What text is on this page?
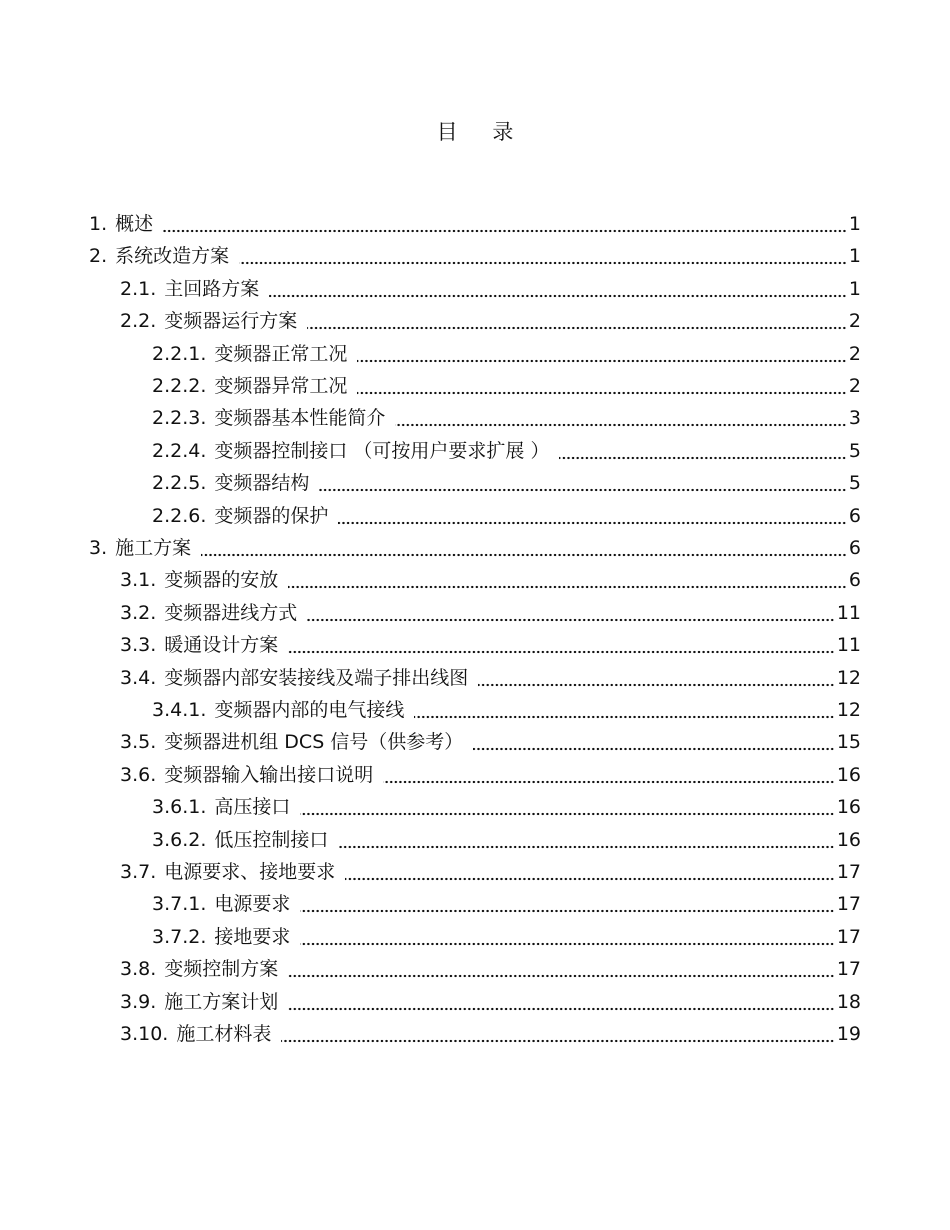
目 录
1. 概述	1
2. 系统改造方案	1
2.1. 主回路方案	1
2.2. 变频器运行方案	2
2.2.1. 变频器正常工况	2
2.2.2. 变频器异常工况	2
2.2.3. 变频器基本性能简介	3
2.2.4. 变频器控制接口 （可按用户要求扩展 ）	5
2.2.5. 变频器结构	5
2.2.6. 变频器的保护	6
3. 施工方案	6
3.1. 变频器的安放	6
3.2. 变频器进线方式	11
3.3. 暖通设计方案	11
3.4. 变频器内部安装接线及端子排出线图	12
3.4.1. 变频器内部的电气接线	12
3.5. 变频器进机组 DCS 信号（供参考）	15
3.6. 变频器输入输出接口说明	16
3.6.1. 高压接口	16
3.6.2. 低压控制接口	16
3.7. 电源要求、接地要求	17
3.7.1. 电源要求	17
3.7.2. 接地要求	17
3.8. 变频控制方案	17
3.9. 施工方案计划	18
3.10. 施工材料表	19
